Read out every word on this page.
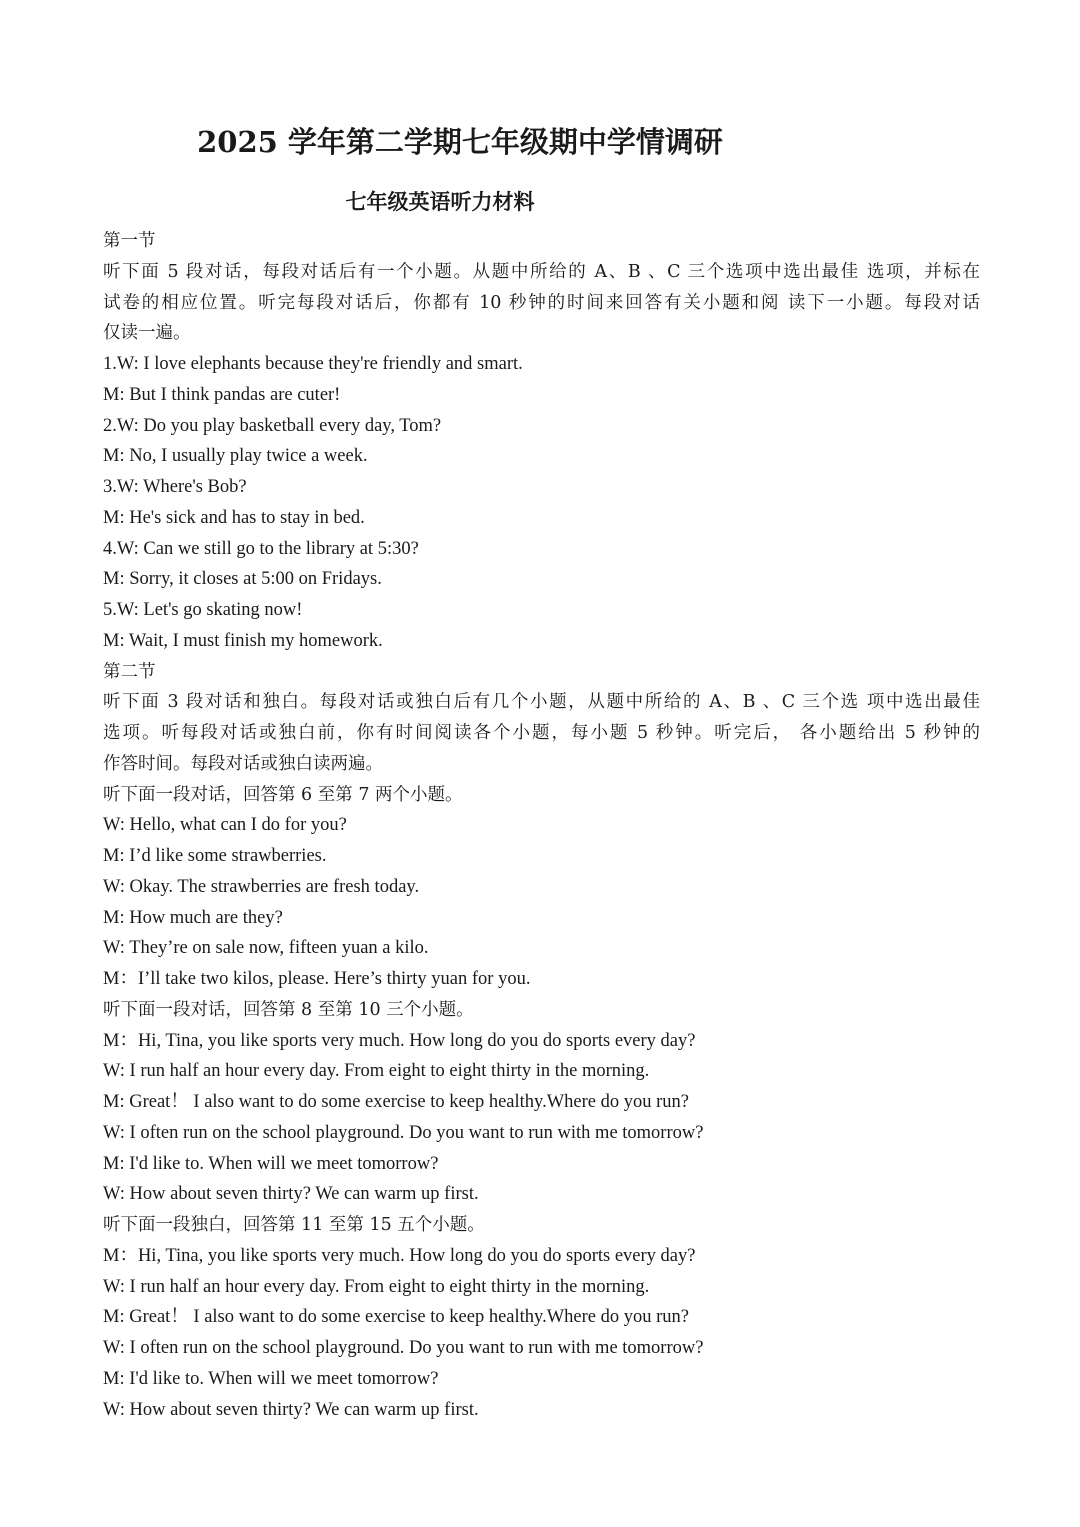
2025 学年第二学期七年级期中学情调研
七年级英语听力材料
第一节
听下面 5 段对话，每段对话后有一个小题。从题中所给的 A、B 、C 三个选项中选出最佳 选项，并标在
试卷的相应位置。听完每段对话后，你都有 10 秒钟的时间来回答有关小题和阅 读下一小题。每段对话
仅读一遍。
1.W: I love elephants because they're friendly and smart.
M: But I think pandas are cuter!
2.W: Do you play basketball every day, Tom?
M: No, I usually play twice a week.
3.W: Where's Bob?
M: He's sick and has to stay in bed.
4.W: Can we still go to the library at 5:30?
M: Sorry, it closes at 5:00 on Fridays.
5.W: Let's go skating now!
M: Wait, I must finish my homework.
第二节
听下面 3 段对话和独白。每段对话或独白后有几个小题，从题中所给的 A、B 、C 三个选 项中选出最佳
选项。听每段对话或独白前，你有时间阅读各个小题，每小题 5 秒钟。听完后， 各小题给出 5 秒钟的
作答时间。每段对话或独白读两遍。
听下面一段对话，回答第 6 至第 7 两个小题。
W: Hello, what can I do for you?
M: I’d like some strawberries.
W: Okay. The strawberries are fresh today.
M: How much are they?
W: They’re on sale now, fifteen yuan a kilo.
M：I’ll take two kilos, please. Here’s thirty yuan for you.
听下面一段对话，回答第 8 至第 10 三个小题。
M：Hi, Tina, you like sports very much. How long do you do sports every day?
W: I run half an hour every day. From eight to eight thirty in the morning.
M: Great！ I also want to do some exercise to keep healthy.Where do you run?
W: I often run on the school playground. Do you want to run with me tomorrow?
M: I'd like to. When will we meet tomorrow?
W: How about seven thirty? We can warm up first.
听下面一段独白，回答第 11 至第 15 五个小题。
M：Hi, Tina, you like sports very much. How long do you do sports every day?
W: I run half an hour every day. From eight to eight thirty in the morning.
M: Great！ I also want to do some exercise to keep healthy.Where do you run?
W: I often run on the school playground. Do you want to run with me tomorrow?
M: I'd like to. When will we meet tomorrow?
W: How about seven thirty? We can warm up first.
